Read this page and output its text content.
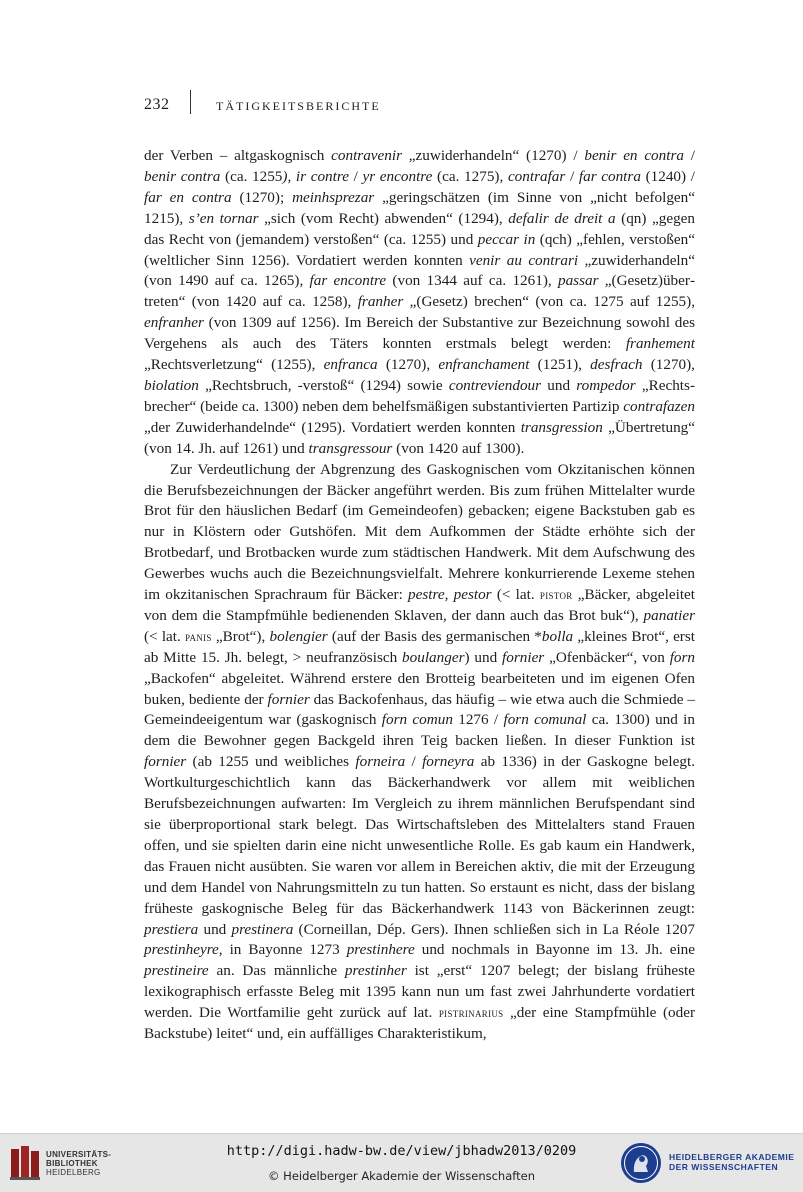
232	TÄTIGKEITSBERICHTE

der Verben – altgaskognisch contravenir „zuwiderhandeln“ (1270) / benir en contra / benir contra (ca. 1255), ir contre / yr encontre (ca. 1275), contrafar / far contra (1240) / far en contra (1270); meinhsprezar „geringschätzen (im Sinne von „nicht befolgen“ 1215), s’en tornar „sich (vom Recht) abwenden“ (1294), defalir de dreit a (qn) „gegen das Recht von (jemandem) verstoßen“ (ca. 1255) und peccar in (qch) „fehlen, verstoßen“ (weltlicher Sinn 1256). Vordatiert werden konnten venir au contrari „zuwiderhandeln“ (von 1490 auf ca. 1265), far encontre (von 1344 auf ca. 1261), passar „(Gesetz)übertreten“ (von 1420 auf ca. 1258), franher „(Gesetz) brechen“ (von ca. 1275 auf 1255), enfranher (von 1309 auf 1256). Im Bereich der Substantive zur Bezeichnung sowohl des Vergehens als auch des Täters konnten erstmals belegt werden: franhement „Rechtsverletzung“ (1255), enfranca (1270), enfranchament (1251), desfrach (1270), biolation „Rechtsbruch, -verstoß“ (1294) sowie contreviendour und rompedor „Rechtsbrecher“ (beide ca. 1300) neben dem behelfsmäßigen substantivierten Partizip contrafazen „der Zuwiderhandelnde“ (1295). Vordatiert werden konnten transgression „Übertretung“ (von 14. Jh. auf 1261) und transgressour (von 1420 auf 1300).

Zur Verdeutlichung der Abgrenzung des Gaskognischen vom Okzitanischen können die Berufsbezeichnungen der Bäcker angeführt werden. Bis zum frühen Mittelalter wurde Brot für den häuslichen Bedarf (im Gemeindeofen) gebacken; eigene Backstuben gab es nur in Klöstern oder Gutshöfen. Mit dem Aufkommen der Städte erhöhte sich der Brotbedarf, und Brotbacken wurde zum städtischen Handwerk. Mit dem Aufschwung des Gewerbes wuchs auch die Bezeichnungsvielfalt. Mehrere konkurrierende Lexeme stehen im okzitanischen Sprachraum für Bäcker: pestre, pestor (< lat. pistor „Bäcker, abgeleitet von dem die Stampfmühle bedienenden Sklaven, der dann auch das Brot buk“), panatier (< lat. panis „Brot“), bolengier (auf der Basis des germanischen *bolla „kleines Brot“, erst ab Mitte 15. Jh. belegt, > neufranzösisch boulanger) und fornier „Ofenbäcker“, von forn „Backofen“ abgeleitet. Während erstere den Brotteig bearbeiteten und im eigenen Ofen buken, bediente der fornier das Backofenhaus, das häufig – wie etwa auch die Schmiede – Gemeindeeigentum war (gaskognisch forn comun 1276 / forn comunal ca. 1300) und in dem die Bewohner gegen Backgeld ihren Teig backen ließen. In dieser Funktion ist fornier (ab 1255 und weibliches forneira / forneyra ab 1336) in der Gaskogne belegt. Wortkulturgeschichtlich kann das Bäckerhandwerk vor allem mit weiblichen Berufsbezeichnungen aufwarten: Im Vergleich zu ihrem männlichen Berufspendant sind sie überproportional stark belegt. Das Wirtschaftsleben des Mittelalters stand Frauen offen, und sie spielten darin eine nicht unwesentliche Rolle. Es gab kaum ein Handwerk, das Frauen nicht ausübten. Sie waren vor allem in Bereichen aktiv, die mit der Erzeugung und dem Handel von Nahrungsmitteln zu tun hatten. So erstaunt es nicht, dass der bislang früheste gaskognische Beleg für das Bäckerhandwerk 1143 von Bäckerinnen zeugt: prestiera und prestinera (Corneillan, Dép. Gers). Ihnen schließen sich in La Réole 1207 prestinheyre, in Bayonne 1273 prestinhere und nochmals in Bayonne im 13. Jh. eine prestineire an. Das männliche prestinher ist „erst“ 1207 belegt; der bislang früheste lexikographisch erfasste Beleg mit 1395 kann nun um fast zwei Jahrhunderte vordatiert werden. Die Wortfamilie geht zurück auf lat. pistrinarius „der eine Stampfmühle (oder Backstube) leitet“ und, ein auffälliges Charakteristikum,

UNIVERSITÄTS-
BIBLIOTHEK
HEIDELBERG
http://digi.hadw-bw.de/view/jbhadw2013/0209
© Heidelberger Akademie der Wissenschaften
HEIDELBERGER AKADEMIE
DER WISSENSCHAFTEN
